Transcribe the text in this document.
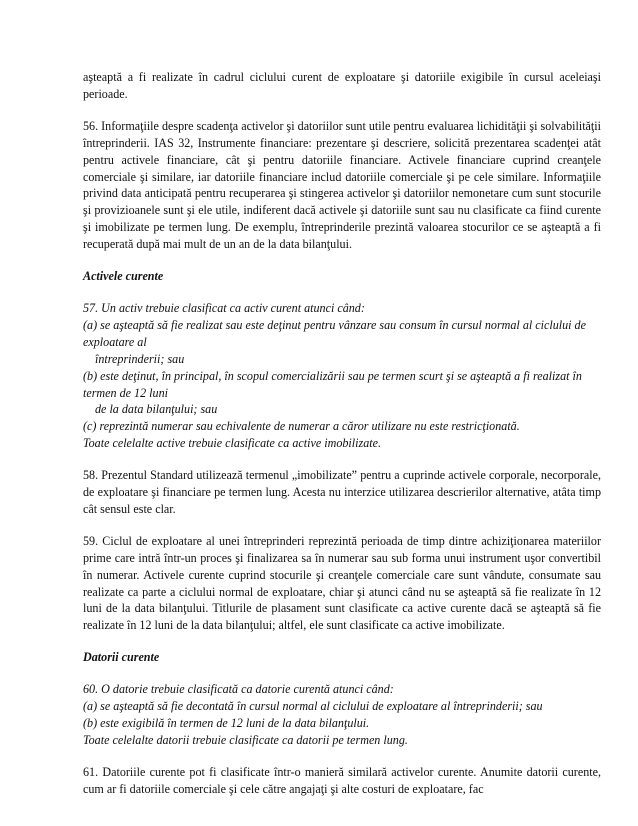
aşteaptă a fi realizate în cadrul ciclului curent de exploatare şi datoriile exigibile în cursul aceleiaşi perioade.

56. Informaţiile despre scadenţa activelor şi datoriilor sunt utile pentru evaluarea lichidităţii şi solvabilităţii întreprinderii. IAS 32, Instrumente financiare: prezentare şi descriere, solicită prezentarea scadenţei atât pentru activele financiare, cât şi pentru datoriile financiare. Activele financiare cuprind creanţele comerciale şi similare, iar datoriile financiare includ datoriile comerciale şi pe cele similare. Informaţiile privind data anticipată pentru recuperarea şi stingerea activelor şi datoriilor nemonetare cum sunt stocurile şi provizioanele sunt şi ele utile, indiferent dacă activele şi datoriile sunt sau nu clasificate ca fiind curente şi imobilizate pe termen lung. De exemplu, întreprinderile prezintă valoarea stocurilor ce se aşteaptă a fi recuperată după mai mult de un an de la data bilanţului.

Activele curente

57. Un activ trebuie clasificat ca activ curent atunci când:
(a) se aşteaptă să fie realizat sau este deţinut pentru vânzare sau consum în cursul normal al ciclului de exploatare al
întreprinderii; sau
(b) este deţinut, în principal, în scopul comercializării sau pe termen scurt şi se aşteaptă a fi realizat în termen de 12 luni
de la data bilanţului; sau
(c) reprezintă numerar sau echivalente de numerar a căror utilizare nu este restricţionată.
Toate celelalte active trebuie clasificate ca active imobilizate.

58. Prezentul Standard utilizează termenul „imobilizate” pentru a cuprinde activele corporale, necorporale, de exploatare şi financiare pe termen lung. Acesta nu interzice utilizarea descrierilor alternative, atâta timp cât sensul este clar.

59. Ciclul de exploatare al unei întreprinderi reprezintă perioada de timp dintre achiziţionarea materiilor prime care intră într-un proces şi finalizarea sa în numerar sau sub forma unui instrument uşor convertibil în numerar. Activele curente cuprind stocurile şi creanţele comerciale care sunt vândute, consumate sau realizate ca parte a ciclului normal de exploatare, chiar şi atunci când nu se aşteaptă să fie realizate în 12 luni de la data bilanţului. Titlurile de plasament sunt clasificate ca active curente dacă se aşteaptă să fie realizate în 12 luni de la data bilanţului; altfel, ele sunt clasificate ca active imobilizate.

Datorii curente

60. O datorie trebuie clasificată ca datorie curentă atunci când:
(a) se aşteaptă să fie decontată în cursul normal al ciclului de exploatare al întreprinderii; sau
(b) este exigibilă în termen de 12 luni de la data bilanţului.
Toate celelalte datorii trebuie clasificate ca datorii pe termen lung.

61. Datoriile curente pot fi clasificate într-o manieră similară activelor curente. Anumite datorii curente, cum ar fi datoriile comerciale şi cele către angajaţi şi alte costuri de exploatare, fac
